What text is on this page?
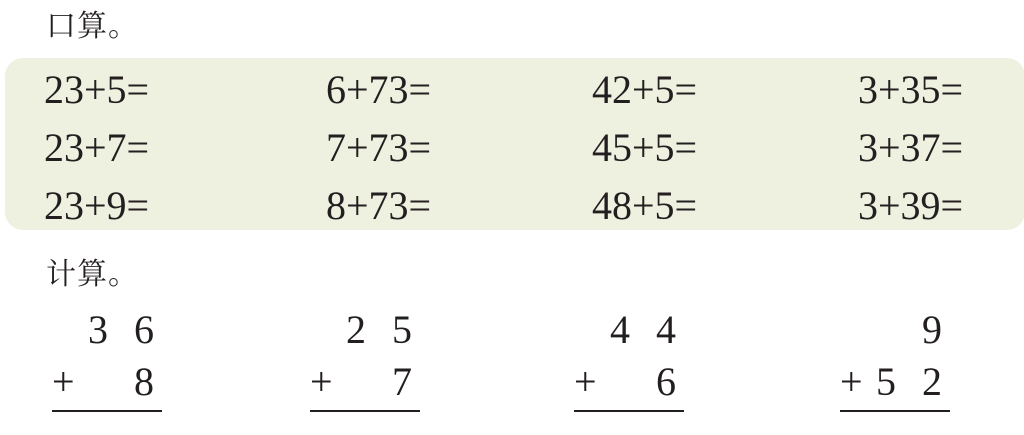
口算。
23+5=
23+7=
23+9=
6+73=
7+73=
8+73=
42+5=
45+5=
48+5=
3+35=
3+37=
3+39=
计算。
3 6
+ 8
2 5
+ 7
4 4
+ 6
9
+ 5 2
